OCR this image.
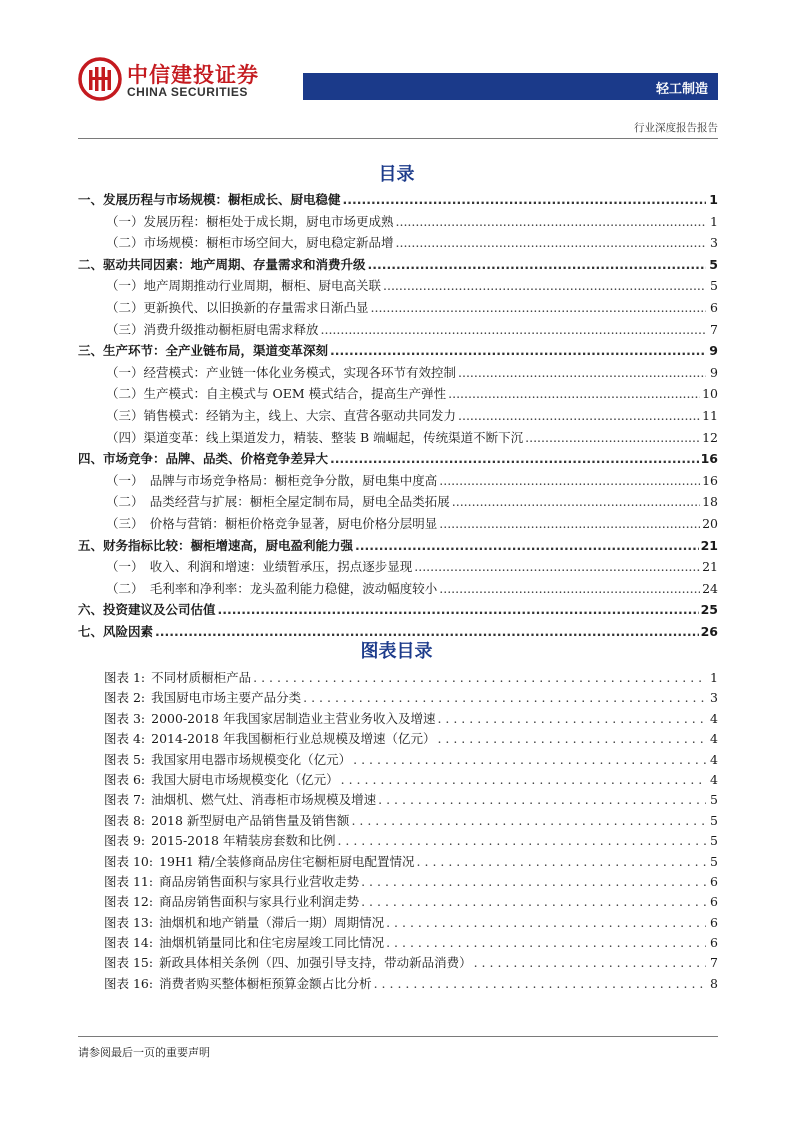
中信建投证券
CHINA SECURITIES	轻工制造
行业深度报告报告
目录
一、发展历程与市场规模：橱柜成长、厨电稳健 .....	1
（一）发展历程：橱柜处于成长期，厨电市场更成熟 .....	1
（二）市场规模：橱柜市场空间大，厨电稳定新品增 .....	3
二、驱动共同因素：地产周期、存量需求和消费升级 .....	5
（一）地产周期推动行业周期，橱柜、厨电高关联 .....	5
（二）更新换代、以旧换新的存量需求日渐凸显 .....	6
（三）消费升级推动橱柜厨电需求释放 .....	7
三、生产环节：全产业链布局，渠道变革深刻 .....	9
（一）经营模式：产业链一体化业务模式，实现各环节有效控制 .....	9
（二）生产模式：自主模式与 OEM 模式结合，提高生产弹性 .....	10
（三）销售模式：经销为主，线上、大宗、直营各驱动共同发力 .....	11
（四）渠道变革：线上渠道发力，精装、整装 B 端崛起，传统渠道不断下沉 .....	12
四、市场竞争：品牌、品类、价格竞争差异大 .....	16
（一）　品牌与市场竞争格局：橱柜竞争分散，厨电集中度高 .....	16
（二）　品类经营与扩展：橱柜全屋定制布局，厨电全品类拓展 .....	18
（三）　价格与营销：橱柜价格竞争显著，厨电价格分层明显 .....	20
五、财务指标比较：橱柜增速高，厨电盈利能力强 .....	21
（一）　收入、利润和增速：业绩暂承压，拐点逐步显现 .....	21
（二）　毛利率和净利率：龙头盈利能力稳健，波动幅度较小 .....	24
六、投资建议及公司估值 .....	25
七、风险因素 .....	26
图表目录
图表 1: 不同材质橱柜产品 . . .	1
图表 2: 我国厨电市场主要产品分类 . . .	3
图表 3: 2000-2018 年我国家居制造业主营业务收入及增速 . . .	4
图表 4: 2014-2018 年我国橱柜行业总规模及增速（亿元） . . .	4
图表 5: 我国家用电器市场规模变化（亿元） . . .	4
图表 6: 我国大厨电市场规模变化（亿元） . . .	4
图表 7: 油烟机、燃气灶、消毒柜市场规模及增速 . . .	5
图表 8: 2018 新型厨电产品销售量及销售额 . . .	5
图表 9: 2015-2018 年精装房套数和比例 . . .	5
图表 10: 19H1 精/全装修商品房住宅橱柜厨电配置情况 . . .	5
图表 11: 商品房销售面积与家具行业营收走势 . . .	6
图表 12: 商品房销售面积与家具行业利润走势 . . .	6
图表 13: 油烟机和地产销量（滞后一期）周期情况 . . .	6
图表 14: 油烟机销量同比和住宅房屋竣工同比情况 . . .	6
图表 15: 新政具体相关条例（四、加强引导支持，带动新品消费） . . .	7
图表 16: 消费者购买整体橱柜预算金额占比分析 . . .	8
请参阅最后一页的重要声明
